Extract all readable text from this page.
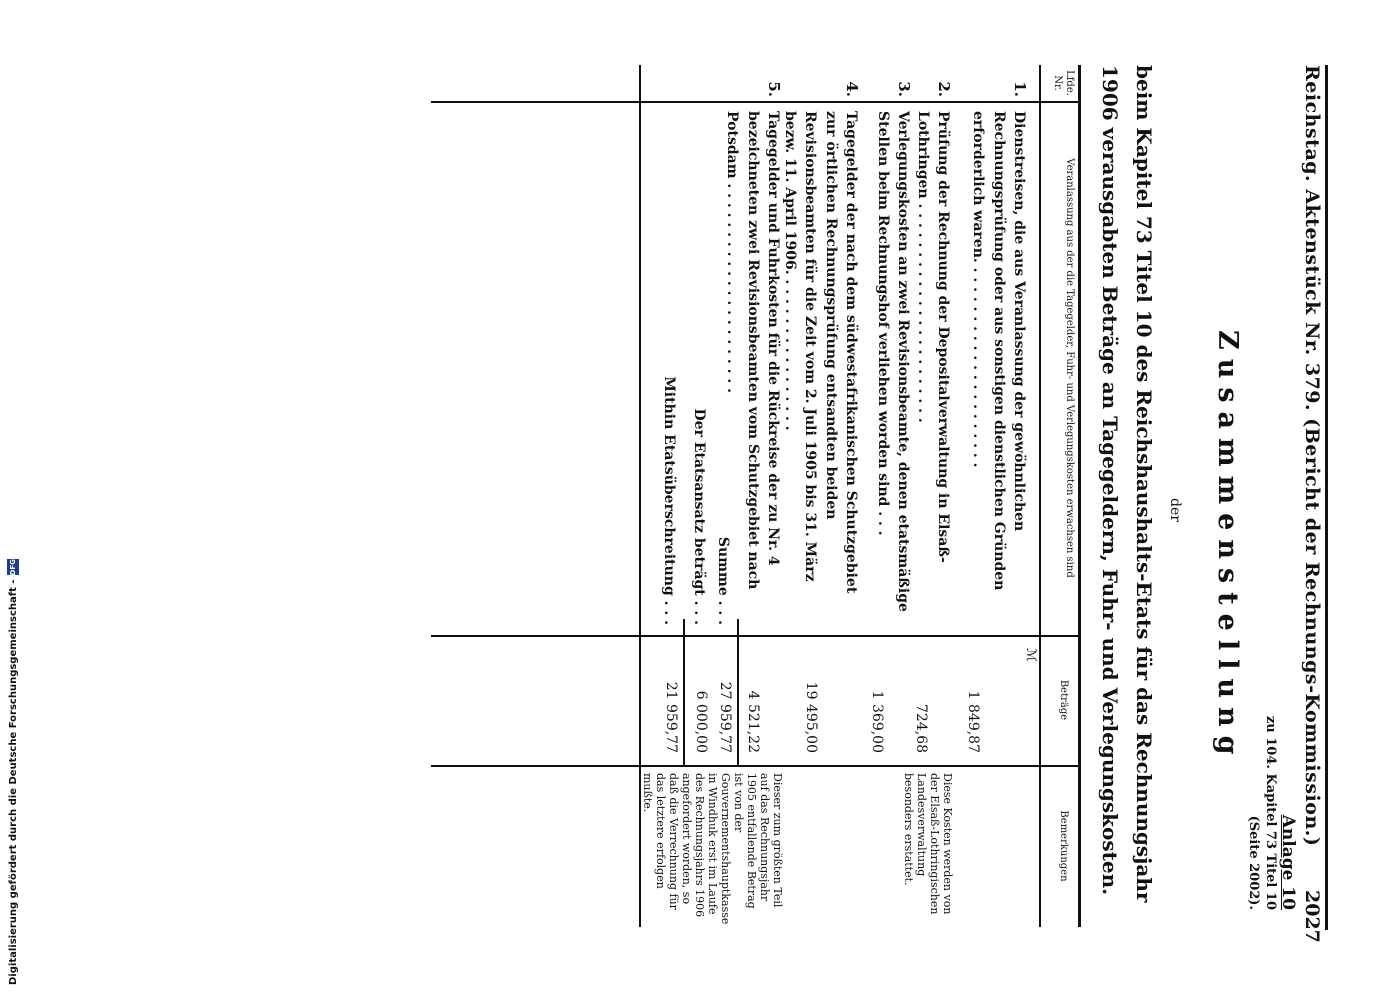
Reichstag. Aktenstück Nr. 379. (Bericht der Rechnungs-Kommission.)
2027
Anlage 10
zu 104. Kapitel 73 Titel 10
(Seite 2002).
Zusammenstellung
der
beim Kapitel 73 Titel 10 des Reichshaushalts-Etats für das Rechnungsjahr 1906 verausgabten Beträge an Tagegeldern, Fuhr- und Verlegungskosten.
Lfde. Nr.
Veranlassung aus der die Tagegelder, Fuhr- und Verlegungskosten erwachsen sind
Beträge
ℳ
Bemerkungen
1.
Dienstreisen, die aus Veranlassung der gewöhnlichen Rechnungsprüfung oder aus sonstigen dienstlichen Gründen erforderlich waren. . . . . . . . . . . . . . . . . . . . . .
1 849,87
2.
Prüfung der Rechnung der Depositalverwaltung in Elsaß-Lothringen . . . . . . . . . . . . . . . . . . . . . . .
724,68
Diese Kosten werden von der Elsaß-Lothringischen Landesverwaltung besonders erstattet.
3.
Verlegungskosten an zwei Revisionsbeamte, denen etatsmäßige Stellen beim Rechnungshof verliehen worden sind . . .
1 369,00
4.
Tagegelder der nach dem südwestafrikanischen Schutzgebiet zur örtlichen Rechnungsprüfung entsandten beiden Revisionsbeamten für die Zeit vom 2. Juli 1905 bis 31. März bezw. 11. April 1906. . . . . . . . . . . . . . . . .
19 495,00
5.
Tagegelder und Fuhrkosten für die Rückreise der zu Nr. 4 bezeichneten zwei Revisionsbeamten vom Schutzgebiet nach Potsdam . . . . . . . . . . . . . . . . . . . . . .
4 521,22
Dieser zum größten Teil auf das Rechnungsjahr 1905 entfallende Betrag ist von der Gouvernementshauptkasse in Windhuk erst im Laufe des Rechnungsjahrs 1906 angefordert worden, so daß die Verrechnung für das letztere erfolgen mußte.
Summe . . .
27 959,77
Der Etatsansatz beträgt . . .
6 000,00
Mithin Etatsüberschreitung . . .
21 959,77
Digitalisierung gefördert durch die Deutsche Forschungsgemeinschaft -
DFG
